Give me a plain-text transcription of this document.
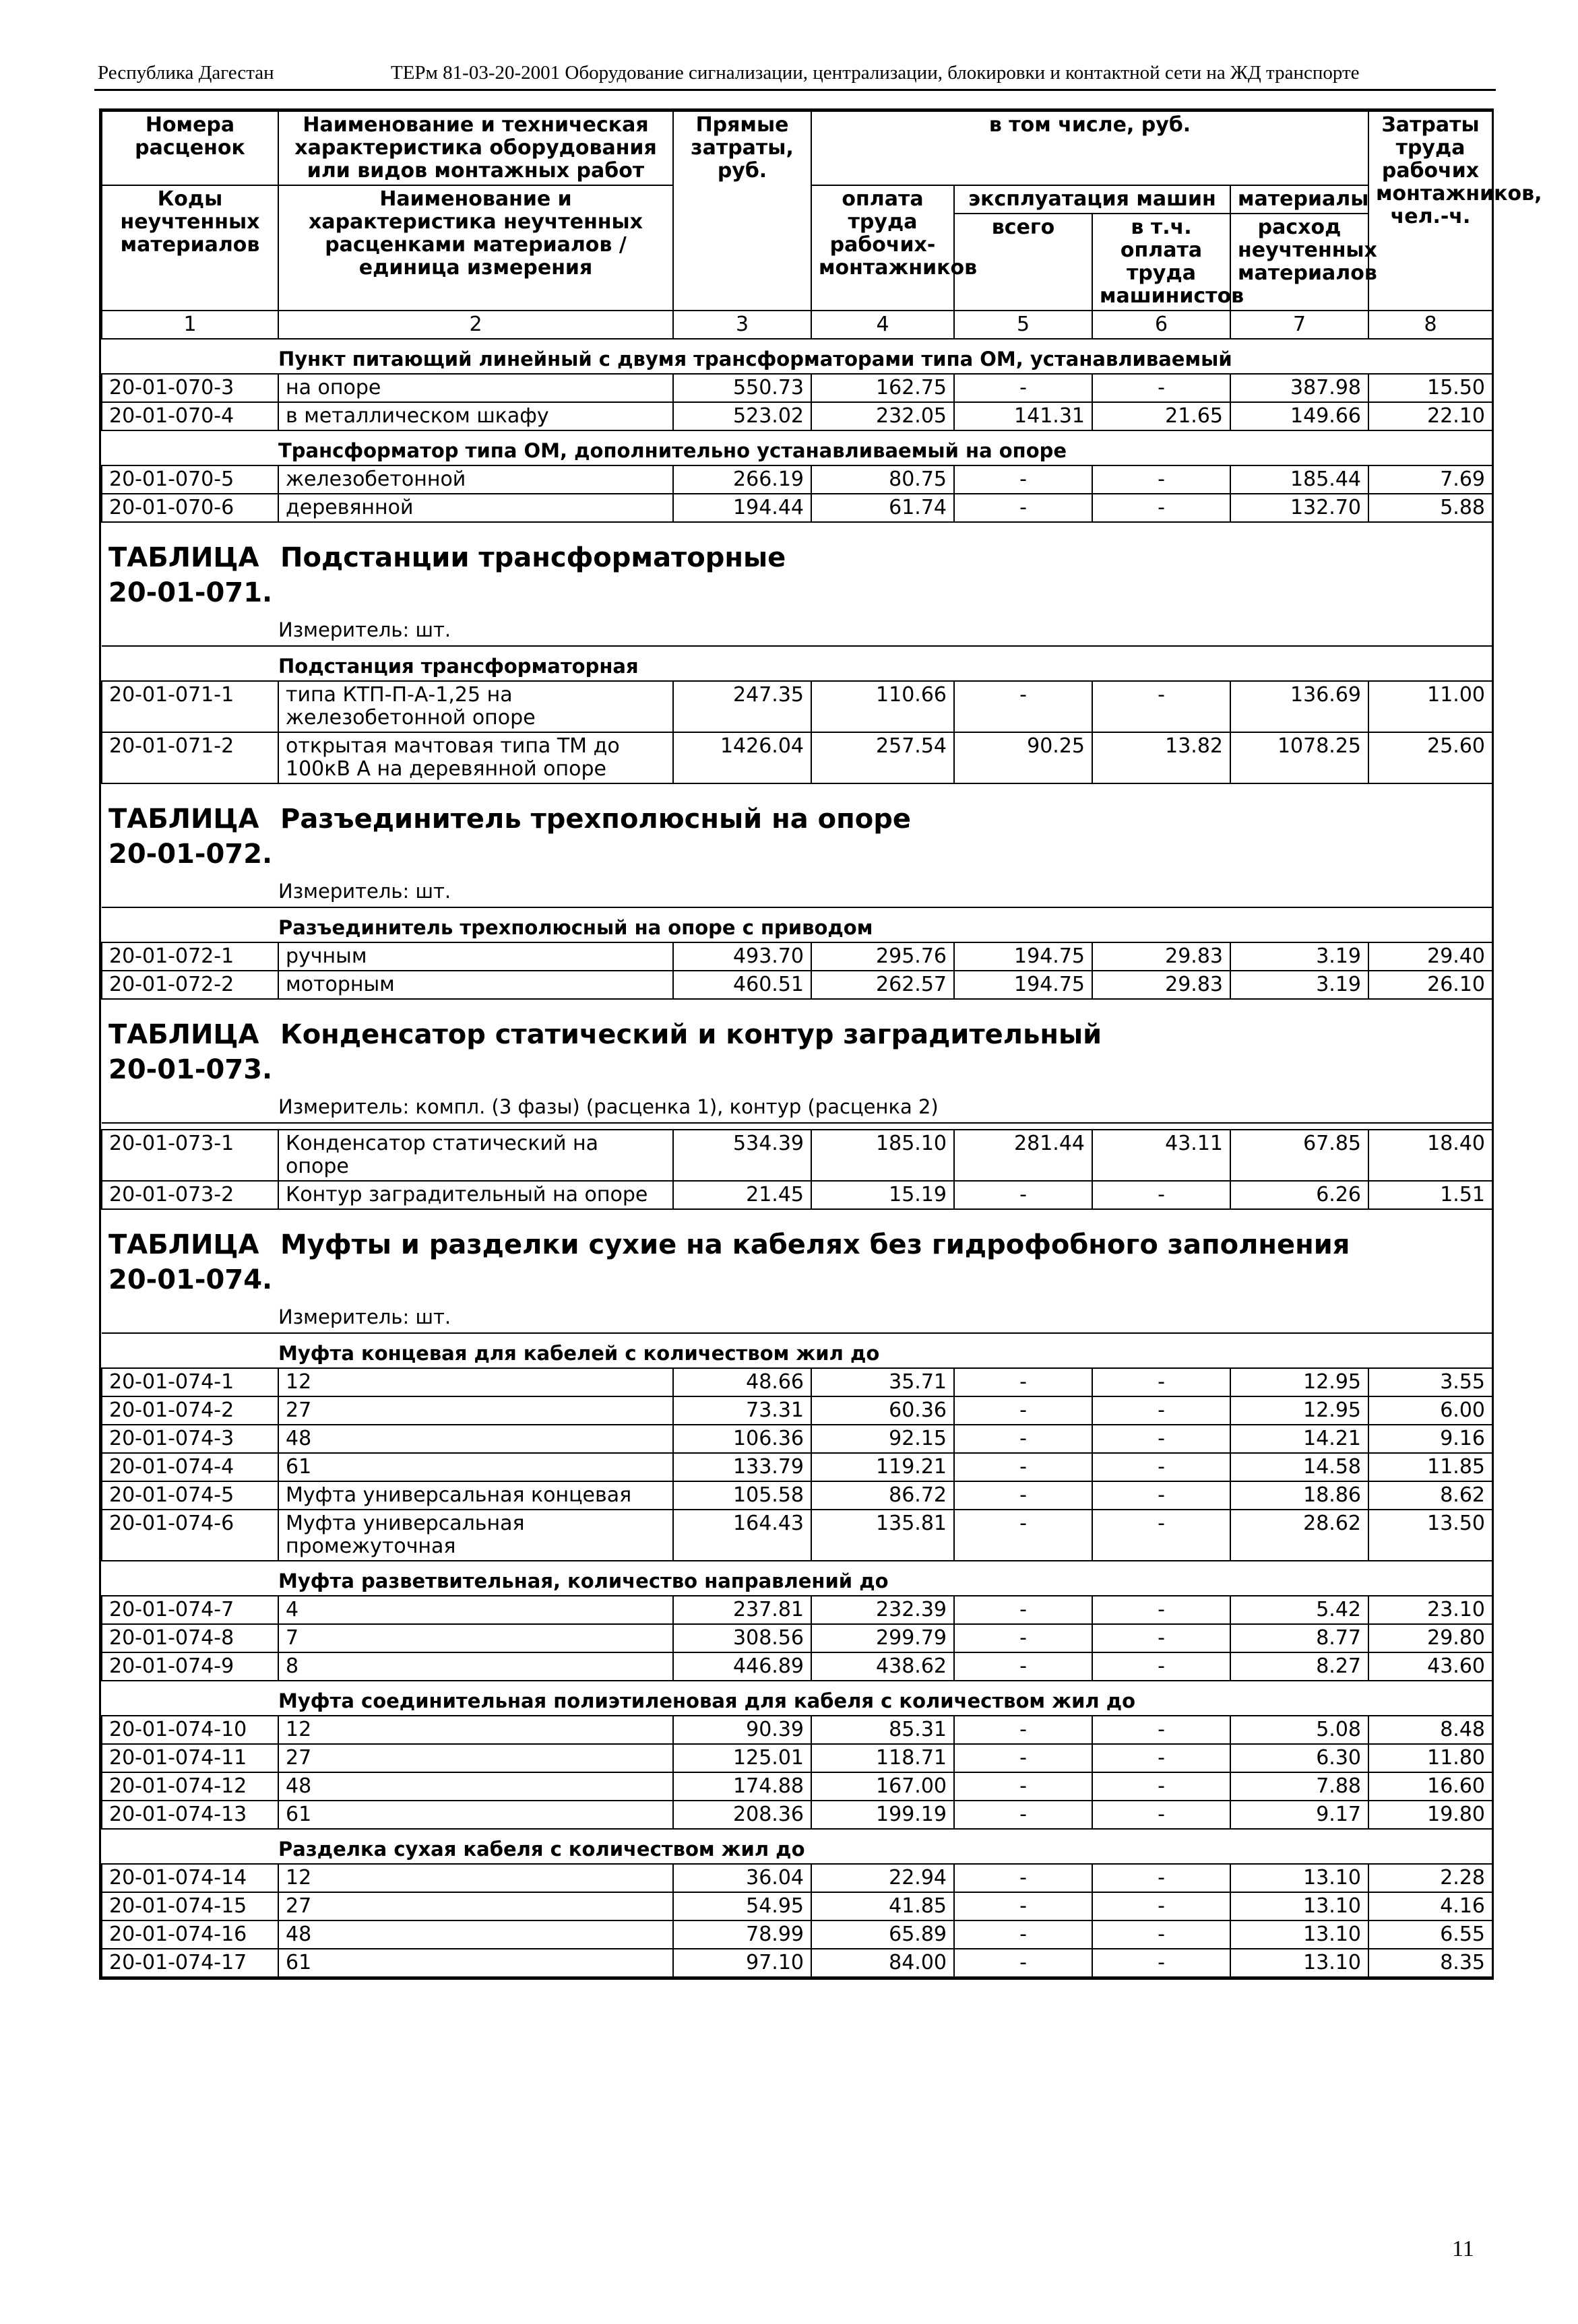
Республика Дагестан	ТЕРм 81-03-20-2001 Оборудование сигнализации, централизации, блокировки и контактной сети на ЖД транспорте
Номера расценок	Наименование и техническая характеристика оборудования или видов монтажных работ	Прямые затраты, руб.	в том числе, руб.				Затраты труда рабочих монтажников, чел.-ч.
Коды неучтенных материалов	Наименование и характеристика неучтенных расценками материалов / единица измерения		оплата труда рабочих-монтажников	эксплуатация машин		материалы	
				всего	в т.ч. оплата труда машинистов	расход неучтенных материалов	
1	2	3	4	5	6	7	8
Пункт питающий линейный с двумя трансформаторами типа ОМ, устанавливаемый							
20-01-070-3	на опоре	550.73	162.75	-	-	387.98	15.50
20-01-070-4	в металлическом шкафу	523.02	232.05	141.31	21.65	149.66	22.10
Трансформатор типа ОМ, дополнительно устанавливаемый на опоре							
20-01-070-5	железобетонной	266.19	80.75	-	-	185.44	7.69
20-01-070-6	деревянной	194.44	61.74	-	-	132.70	5.88

ТАБЛИЦА 20-01-071.
Подстанции трансформаторные							

Измеритель: шт.							
Подстанция трансформаторная							
20-01-071-1	типа КТП-П-А-1,25 на железобетонной опоре	247.35	110.66	-	-	136.69	11.00
20-01-071-2	открытая мачтовая типа ТМ до 100кВ А на деревянной опоре	1426.04	257.54	90.25	13.82	1078.25	25.60

ТАБЛИЦА 20-01-072.
Разъединитель трехполюсный на опоре							

Измеритель: шт.							
Разъединитель трехполюсный на опоре с приводом							
20-01-072-1	ручным	493.70	295.76	194.75	29.83	3.19	29.40
20-01-072-2	моторным	460.51	262.57	194.75	29.83	3.19	26.10

ТАБЛИЦА 20-01-073.
Конденсатор статический и контур заградительный							

Измеритель: компл. (3 фазы) (расценка 1), контур (расценка 2)							

20-01-073-1	Конденсатор статический на опоре	534.39	185.10	281.44	43.11	67.85	18.40
20-01-073-2	Контур заградительный на опоре	21.45	15.19	-	-	6.26	1.51

ТАБЛИЦА 20-01-074.
Муфты и разделки сухие на кабелях без гидрофобного заполнения							

Измеритель: шт.							
Муфта концевая для кабелей с количеством жил до							
20-01-074-1	12	48.66	35.71	-	-	12.95	3.55
20-01-074-2	27	73.31	60.36	-	-	12.95	6.00
20-01-074-3	48	106.36	92.15	-	-	14.21	9.16
20-01-074-4	61	133.79	119.21	-	-	14.58	11.85
20-01-074-5	Муфта универсальная концевая	105.58	86.72	-	-	18.86	8.62
20-01-074-6	Муфта универсальная промежуточная	164.43	135.81	-	-	28.62	13.50
Муфта разветвительная, количество направлений до							
20-01-074-7	4	237.81	232.39	-	-	5.42	23.10
20-01-074-8	7	308.56	299.79	-	-	8.77	29.80
20-01-074-9	8	446.89	438.62	-	-	8.27	43.60
Муфта соединительная полиэтиленовая для кабеля с количеством жил до							
20-01-074-10	12	90.39	85.31	-	-	5.08	8.48
20-01-074-11	27	125.01	118.71	-	-	6.30	11.80
20-01-074-12	48	174.88	167.00	-	-	7.88	16.60
20-01-074-13	61	208.36	199.19	-	-	9.17	19.80
Разделка сухая кабеля с количеством жил до							
20-01-074-14	12	36.04	22.94	-	-	13.10	2.28
20-01-074-15	27	54.95	41.85	-	-	13.10	4.16
20-01-074-16	48	78.99	65.89	-	-	13.10	6.55
20-01-074-17	61	97.10	84.00	-	-	13.10	8.35
11
